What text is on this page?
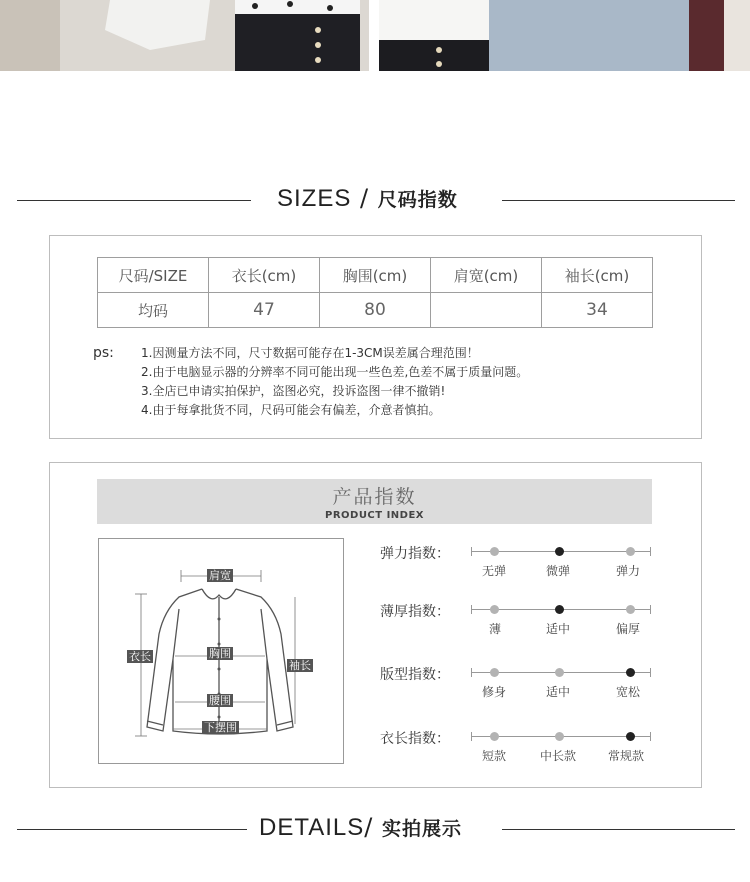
SIZES / 尺码指数
尺码/SIZE	衣长(cm)	胸围(cm)	肩宽(cm)	袖长(cm)
均码	47	80		34
ps: 1.因测量方法不同，尺寸数据可能存在1-3CM误差属合理范围！
2.由于电脑显示器的分辨率不同可能出现一些色差,色差不属于质量问题。
3.全店已申请实拍保护，盗图必究，投诉盗图一律不撤销!
4.由于每拿批货不同，尺码可能会有偏差，介意者慎拍。
产品指数
PRODUCT INDEX
肩宽
衣长	胸围
袖长
腰围
下摆围
弹力指数：
无弹	微弹	弹力
薄厚指数：
薄	适中	偏厚
版型指数：
修身	适中	宽松
衣长指数：
短款	中长款	常规款
DETAILS/ 实拍展示
